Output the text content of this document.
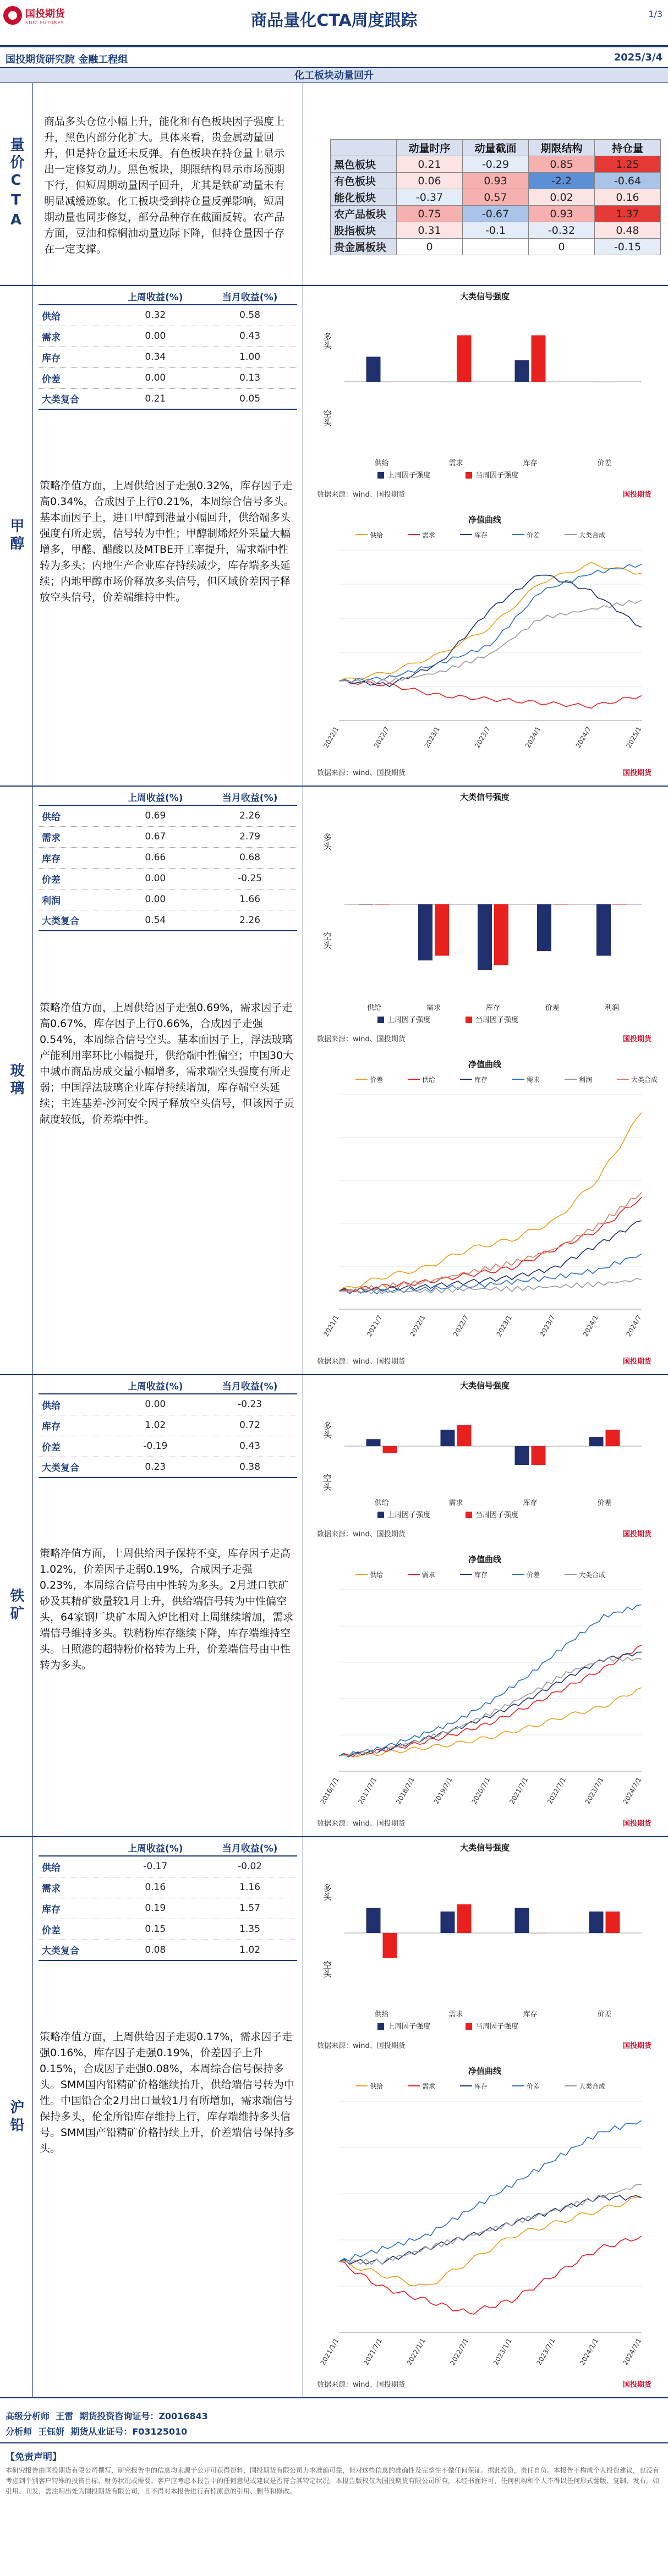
国投期货
SDIC FUTURES	商品量化CTA周度跟踪	1/3
国投期货研究院 金融工程组	2025/3/4
化工板块动量回升
量价CTA
商品多头仓位小幅上升，能化和有色板块因子强度上升，黑色内部分化扩大。具体来看，贵金属动量回升，但是持仓量还未反弹。有色板块在持仓量上显示出一定修复动力。黑色板块，期限结构显示市场预期下行，但短周期动量因子回升，尤其是铁矿动量未有明显减缓迹象。化工板块受到持仓量反弹影响，短周期动量也同步修复，部分品种存在截面反转。农产品方面，豆油和棕榈油动量边际下降，但持仓量因子存在一定支撑。
	动量时序	动量截面	期限结构	持仓量
黑色板块	0.21	-0.29	0.85	1.25
有色板块	0.06	0.93	-2.2	-0.64
能化板块	-0.37	0.57	0.02	0.16
农产品板块	0.75	-0.67	0.93	1.37
股指板块	0.31	-0.1	-0.32	0.48
贵金属板块	0		0	-0.15
甲醇
	上周收益(%)	当月收益(%)
供给	0.32	0.58
需求	0.00	0.43
库存	0.34	1.00
价差	0.00	0.13
大类复合	0.21	0.05
策略净值方面，上周供给因子走强0.32%，库存因子走高0.34%，合成因子上行0.21%，本周综合信号多头。基本面因子上，进口甲醇到港量小幅回升，供给端多头强度有所走弱，信号转为中性；甲醇制烯烃外采量大幅增多，甲醛、醋酸以及MTBE开工率提升，需求端中性转为多头；内地生产企业库存持续减少，库存端多头延续；内地甲醇市场价释放多头信号，但区域价差因子释放空头信号，价差端维持中性。
大类信号强度
多头
空头
供给	需求	库存	价差
上周因子强度	当周因子强度
数据来源：wind、国投期货	国投期货
净值曲线
供给	需求	库存	价差	大类合成
2022/1	2022/7	2023/1	2023/7	2024/1	2024/7	2025/1
数据来源：wind、国投期货	国投期货
玻璃
	上周收益(%)	当月收益(%)
供给	0.69	2.26
需求	0.67	2.79
库存	0.66	0.68
价差	0.00	-0.25
利润	0.00	1.66
大类复合	0.54	2.26
策略净值方面，上周供给因子走强0.69%，需求因子走高0.67%，库存因子上行0.66%，合成因子走强0.54%，本周综合信号空头。基本面因子上，浮法玻璃产能利用率环比小幅提升，供给端中性偏空；中国30大中城市商品房成交量小幅增多，需求端空头强度有所走弱；中国浮法玻璃企业库存持续增加，库存端空头延续；主连基差-沙河安全因子释放空头信号，但该因子贡献度较低，价差端中性。
大类信号强度
多头
空头
供给	需求	库存	价差	利润
上周因子强度	当周因子强度
数据来源：wind、国投期货	国投期货
净值曲线
价差	供给	库存	需求	利润	大类合成
2021/1	2021/7	2022/1	2022/7	2023/1	2023/7	2024/1	2024/7
数据来源：wind、国投期货	国投期货
铁矿
	上周收益(%)	当月收益(%)
供给	0.00	-0.23
库存	1.02	0.72
价差	-0.19	0.43
大类复合	0.23	0.38
策略净值方面，上周供给因子保持不变，库存因子走高1.02%，价差因子走弱0.19%，合成因子走强0.23%，本周综合信号由中性转为多头。2月进口铁矿砂及其精矿数量较1月上升，供给端信号转为中性偏空头，64家钢厂块矿本周入炉比相对上周继续增加，需求端信号维持多头。铁精粉库存继续下降，库存端维持空头。日照港的超特粉价格转为上升，价差端信号由中性转为多头。
大类信号强度
多头
空头
供给	需求	库存	价差
上周因子强度	当周因子强度
数据来源：wind、国投期货	国投期货
净值曲线
供给	需求	库存	价差	大类合成
2016/7/1 2017/7/1 2018/7/1 2019/7/1 2020/7/1 2021/7/1 2022/7/1 2023/7/1 2024/7/1
数据来源：wind、国投期货	国投期货
沪铅
	上周收益(%)	当月收益(%)
供给	-0.17	-0.02
需求	0.16	1.16
库存	0.19	1.57
价差	0.15	1.35
大类复合	0.08	1.02
策略净值方面，上周供给因子走弱0.17%，需求因子走强0.16%，库存因子走强0.19%，价差因子上升0.15%，合成因子走强0.08%，本周综合信号保持多头。SMM国内铅精矿价格继续抬升，供给端信号转为中性。中国铅合金2月出口量较1月有所增加，需求端信号保持多头，伦金所铅库存维持上行，库存端维持多头信号。SMM国产铅精矿价格持续上升，价差端信号保持多头。
大类信号强度
多头
空头
供给	需求	库存	价差
上周因子强度	当周因子强度
数据来源：wind、国投期货	国投期货
净值曲线
供给	需求	库存	价差	大类合成
2021/1/1	2021/7/1	2022/1/1	2022/7/1	2023/1/1	2023/7/1	2024/1/1	2024/7/1
数据来源：wind、国投期货	国投期货
高级分析师 王雷 期货投资咨询证号：Z0016843
分析师 王钰妍 期货从业证号：F03125010
【免责声明】
本研究报告由国投期货有限公司撰写，研究报告中的信息均来源于公开可获得资料，国投期货有限公司力求准确可靠，但对这些信息的准确性及完整性不做任何保证。据此投资，责任自负。本报告不构成个人投资建议，也没有考虑到个别客户特殊的投资目标、财务状况或需要。客户应考虑本报告中的任何意见或建议是否符合其特定状况。本报告版权仅为国投期货有限公司所有，未经书面许可，任何机构和个人不得以任何形式翻版、复制、发布。如引用、刊发，需注明出处为国投期货有限公司，且不得对本报告进行有悖原意的引用、删节和修改。
